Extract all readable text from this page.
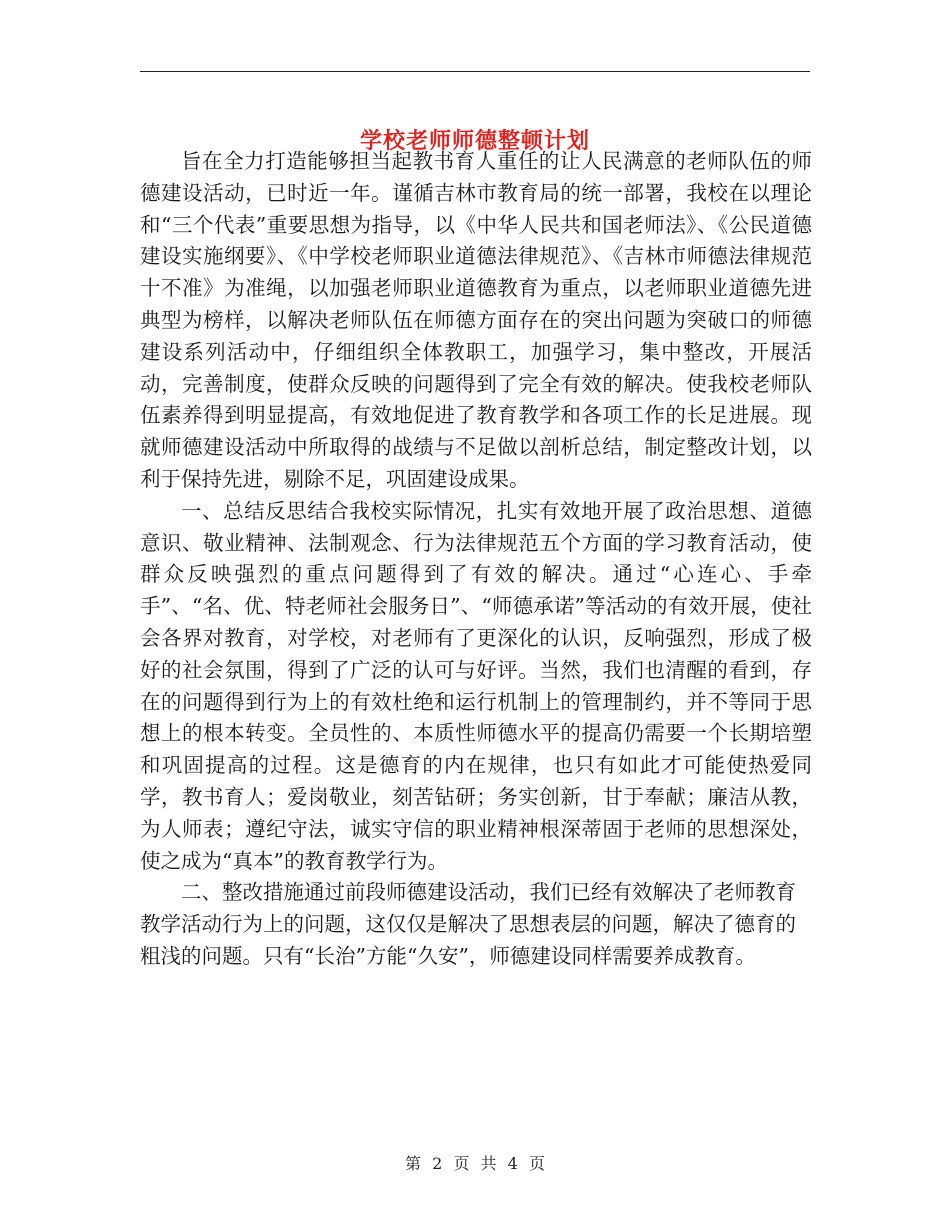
学校老师师德整顿计划

旨在全力打造能够担当起教书育人重任的让人民满意的老师队伍的师德建设活动，已时近一年。谨循吉林市教育局的统一部署，我校在以理论和“三个代表”重要思想为指导，以《中华人民共和国老师法》、《公民道德建设实施纲要》、《中学校老师职业道德法律规范》、《吉林市师德法律规范十不准》为准绳，以加强老师职业道德教育为重点，以老师职业道德先进典型为榜样，以解决老师队伍在师德方面存在的突出问题为突破口的师德建设系列活动中，仔细组织全体教职工，加强学习，集中整改，开展活动，完善制度，使群众反映的问题得到了完全有效的解决。使我校老师队伍素养得到明显提高，有效地促进了教育教学和各项工作的长足进展。现就师德建设活动中所取得的战绩与不足做以剖析总结，制定整改计划，以利于保持先进，剔除不足，巩固建设成果。

一、总结反思结合我校实际情况，扎实有效地开展了政治思想、道德意识、敬业精神、法制观念、行为法律规范五个方面的学习教育活动，使群众反映强烈的重点问题得到了有效的解决。通过“心连心、手牵手”、“名、优、特老师社会服务日”、“师德承诺”等活动的有效开展，使社会各界对教育，对学校，对老师有了更深化的认识，反响强烈，形成了极好的社会氛围，得到了广泛的认可与好评。当然，我们也清醒的看到，存在的问题得到行为上的有效杜绝和运行机制上的管理制约，并不等同于思想上的根本转变。全员性的、本质性师德水平的提高仍需要一个长期培塑和巩固提高的过程。这是德育的内在规律，也只有如此才可能使热爱同学，教书育人；爱岗敬业，刻苦钻研；务实创新，甘于奉献；廉洁从教，为人师表；遵纪守法，诚实守信的职业精神根深蒂固于老师的思想深处，使之成为“真本”的教育教学行为。

二、整改措施通过前段师德建设活动，我们已经有效解决了老师教育教学活动行为上的问题，这仅仅是解决了思想表层的问题，解决了德育的粗浅的问题。只有“长治”方能“久安”，师德建设同样需要养成教育。

第 2 页 共 4 页
